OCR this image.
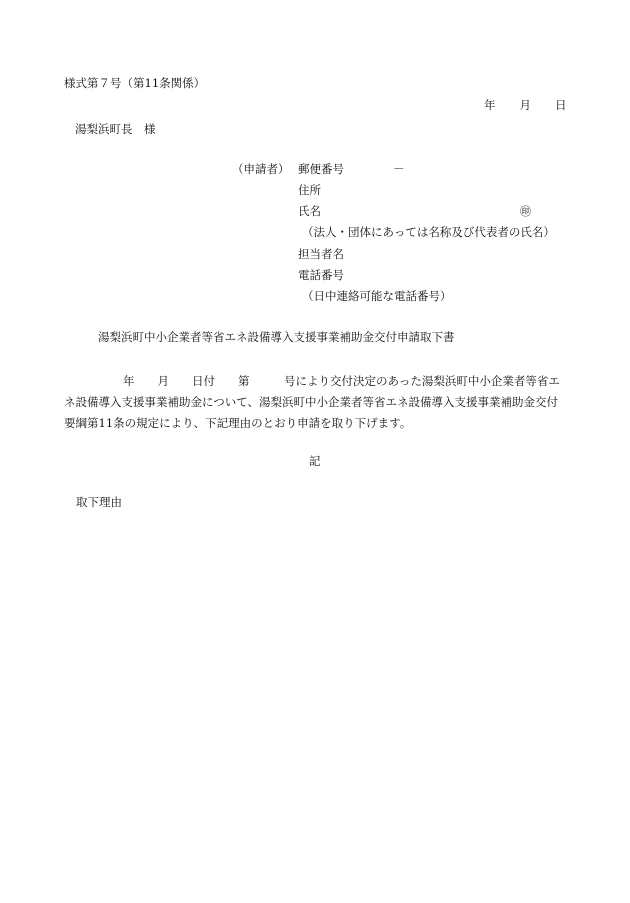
様式第７号（第11条関係）
年 月 日
湯梨浜町長　様
（申請者） 郵便番号	－
住所
氏名	㊞
（法人・団体にあっては名称及び代表者の氏名）
担当者名
電話番号
（日中連絡可能な電話番号）
湯梨浜町中小企業者等省エネ設備導入支援事業補助金交付申請取下書
年　　月　　日付　　第　　　号により交付決定のあった湯梨浜町中小企業者等省エ
ネ設備導入支援事業補助金について、湯梨浜町中小企業者等省エネ設備導入支援事業補助金交付
要綱第11条の規定により、下記理由のとおり申請を取り下げます。
記
取下理由
